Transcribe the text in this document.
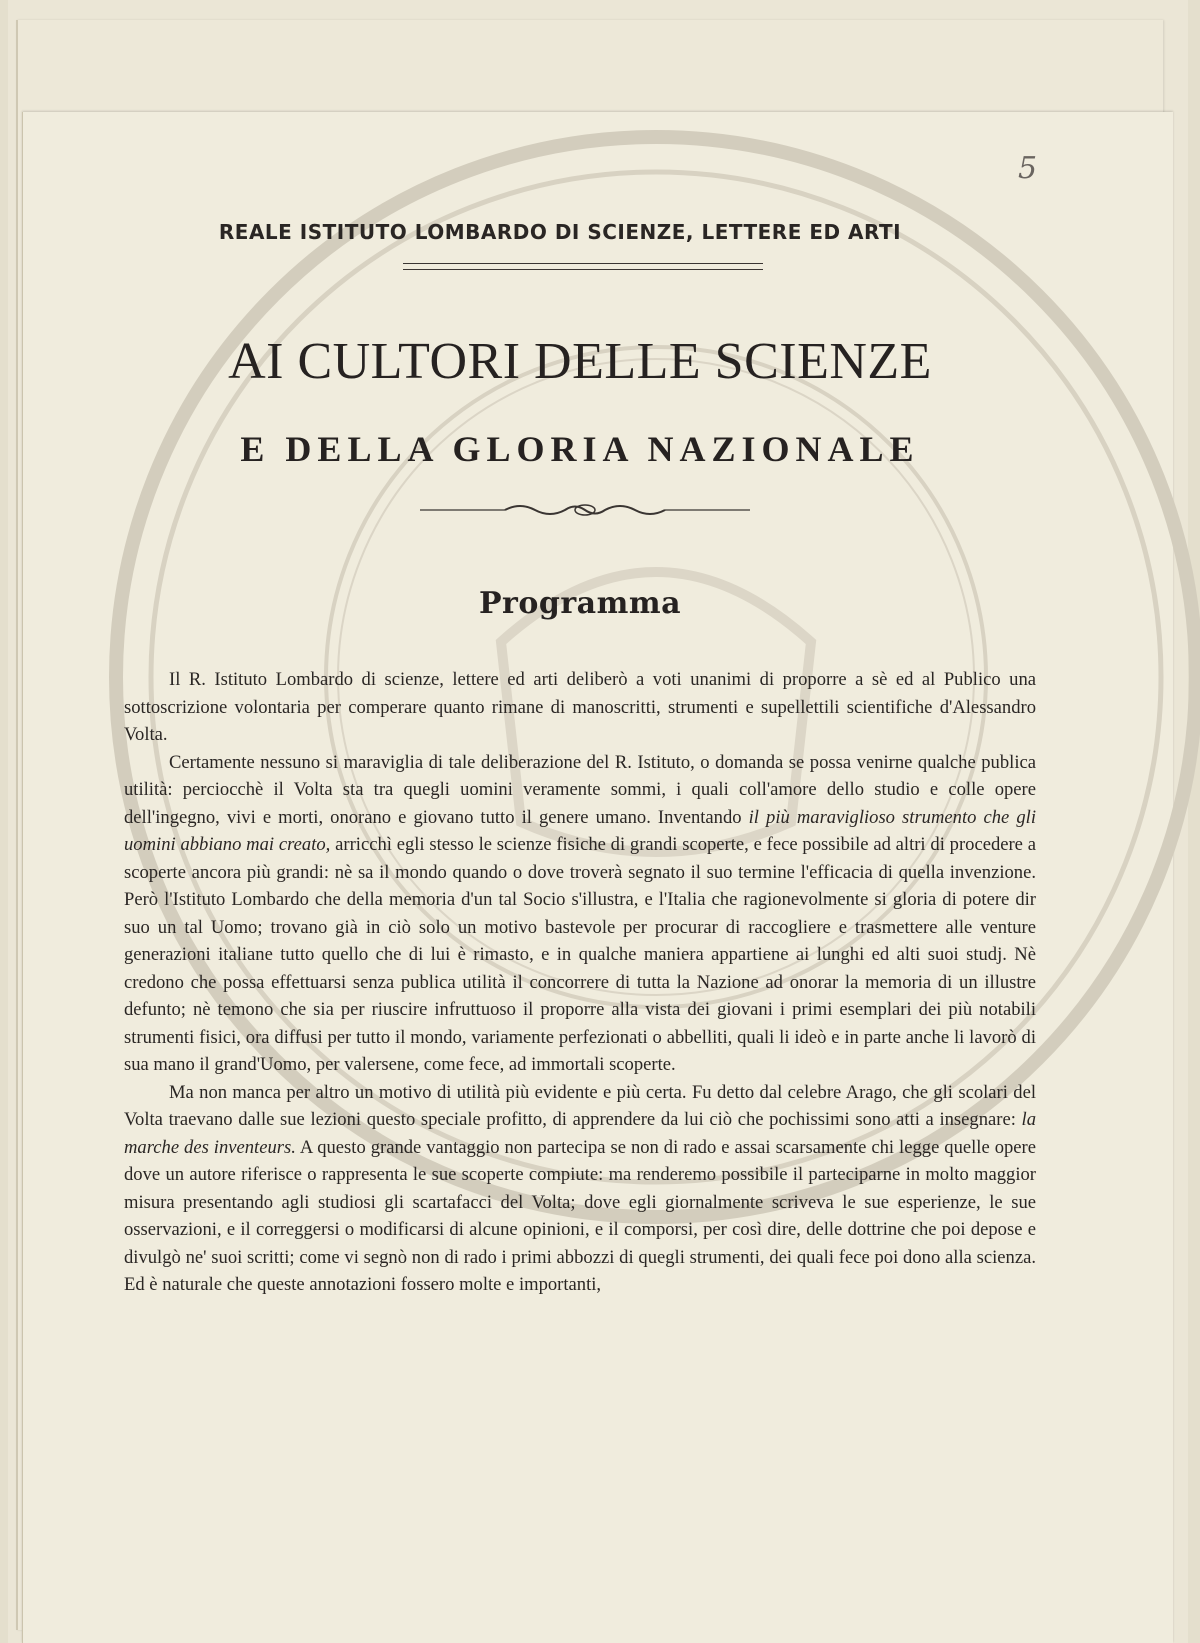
5
REALE ISTITUTO LOMBARDO DI SCIENZE, LETTERE ED ARTI
AI CULTORI DELLE SCIENZE
E DELLA GLORIA NAZIONALE
Programma

Il R. Istituto Lombardo di scienze, lettere ed arti deliberò a voti unanimi di proporre a sè ed al Publico una sottoscrizione volontaria per comperare quanto rimane di manoscritti, strumenti e supellettili scientifiche d'Alessandro Volta.

Certamente nessuno si maraviglia di tale deliberazione del R. Istituto, o domanda se possa venirne qualche publica utilità: perciocchè il Volta sta tra quegli uomini veramente sommi, i quali coll'amore dello studio e colle opere dell'ingegno, vivi e morti, onorano e giovano tutto il genere umano. Inventando il più maraviglioso strumento che gli uomini abbiano mai creato, arricchì egli stesso le scienze fisiche di grandi scoperte, e fece possibile ad altri di procedere a scoperte ancora più grandi: nè sa il mondo quando o dove troverà segnato il suo termine l'efficacia di quella invenzione. Però l'Istituto Lombardo che della memoria d'un tal Socio s'illustra, e l'Italia che ragionevolmente si gloria di potere dir suo un tal Uomo; trovano già in ciò solo un motivo bastevole per procurar di raccogliere e trasmettere alle venture generazioni italiane tutto quello che di lui è rimasto, e in qualche maniera appartiene ai lunghi ed alti suoi studj. Nè credono che possa effettuarsi senza publica utilità il concorrere di tutta la Nazione ad onorar la memoria di un illustre defunto; nè temono che sia per riuscire infruttuoso il proporre alla vista dei giovani i primi esemplari dei più notabili strumenti fisici, ora diffusi per tutto il mondo, variamente perfezionati o abbelliti, quali li ideò e in parte anche li lavorò di sua mano il grand'Uomo, per valersene, come fece, ad immortali scoperte.

Ma non manca per altro un motivo di utilità più evidente e più certa. Fu detto dal celebre Arago, che gli scolari del Volta traevano dalle sue lezioni questo speciale profitto, di apprendere da lui ciò che pochissimi sono atti a insegnare: la marche des inventeurs. A questo grande vantaggio non partecipa se non di rado e assai scarsamente chi legge quelle opere dove un autore riferisce o rappresenta le sue scoperte compiute: ma renderemo possibile il parteciparne in molto maggior misura presentando agli studiosi gli scartafacci del Volta; dove egli giornalmente scriveva le sue esperienze, le sue osservazioni, e il correggersi o modificarsi di alcune opinioni, e il comporsi, per così dire, delle dottrine che poi depose e divulgò ne' suoi scritti; come vi segnò non di rado i primi abbozzi di quegli strumenti, dei quali fece poi dono alla scienza. Ed è naturale che queste annotazioni fossero molte e importanti,
